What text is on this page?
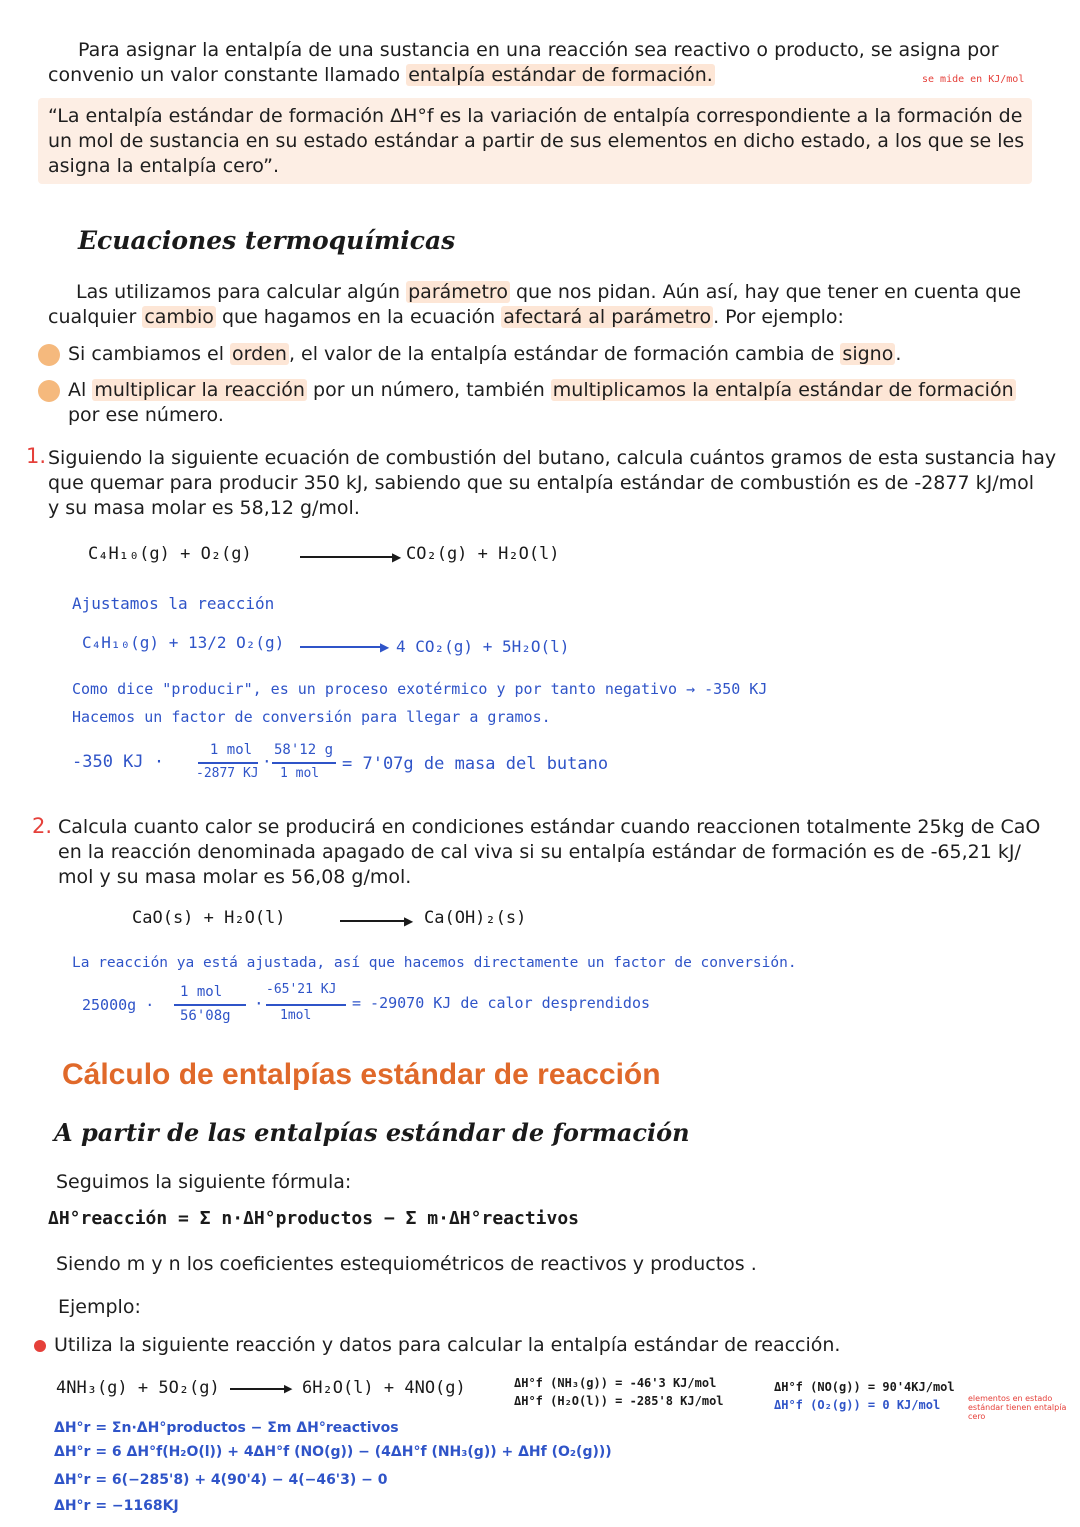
Para asignar la entalpía de una sustancia en una reacción sea reactivo o producto, se asigna por
convenio un valor constante llamado entalpía estándar de formación.	se mide en KJ/mol
“La entalpía estándar de formación ΔH°f es la variación de entalpía correspondiente a la formación de
un mol de sustancia en su estado estándar a partir de sus elementos en dicho estado, a los que se les
asigna la entalpía cero”.
Ecuaciones termoquímicas
Las utilizamos para calcular algún parámetro que nos pidan. Aún así, hay que tener en cuenta que
cualquier cambio que hagamos en la ecuación afectará al parámetro . Por ejemplo:
Si cambiamos el orden , el valor de la entalpía estándar de formación cambia de signo .
Al multiplicar la reacción por un número, también multiplicamos la entalpía estándar de formación
por ese número.
1. Siguiendo la siguiente ecuación de combustión del butano, calcula cuántos gramos de esta sustancia hay
que quemar para producir 350 kJ, sabiendo que su entalpía estándar de combustión es de -2877 kJ/mol
y su masa molar es 58,12 g/mol.
C₄H₁₀(g) + O₂(g)	▶ CO₂(g) + H₂O(l)
Ajustamos la reacción
C₄H₁₀(g) + 13/2 O₂(g)	▶ 4 CO₂(g) + 5H₂O(l)
Como dice "producir", es un proceso exotérmico y por tanto negativo → -350 KJ
Hacemos un factor de conversión para llegar a gramos.
-350 KJ ·
1 mol
-2877 KJ
·
58'12 g
1 mol = 7'07g de masa del butano
2. Calcula cuanto calor se producirá en condiciones estándar cuando reaccionen totalmente 25kg de CaO
en la reacción denominada apagado de cal viva si su entalpía estándar de formación es de -65,21 kJ/
mol y su masa molar es 56,08 g/mol.
CaO(s) + H₂O(l)	▶ Ca(OH)₂(s)
La reacción ya está ajustada, así que hacemos directamente un factor de conversión.
25000g ·
1 mol
56'08g
·
-65'21 KJ
1mol
= -29070 KJ de calor desprendidos
Cálculo de entalpías estándar de reacción
A partir de las entalpías estándar de formación
Seguimos la siguiente fórmula:
ΔH°reacción = Σ n·ΔH°productos − Σ m·ΔH°reactivos
Siendo m y n los coeficientes estequiométricos de reactivos y productos .
Ejemplo:
Utiliza la siguiente reacción y datos para calcular la entalpía estándar de reacción.
4NH₃(g) + 5O₂(g)	▶ 6H₂O(l) + 4NO(g)	ΔH°f (NH₃(g)) = -46'3 KJ/mol
ΔH°f (H₂O(l)) = -285'8 KJ/mol
ΔH°f (NO(g)) = 90'4KJ/mol
ΔH°f (O₂(g)) = 0 KJ/mol	elementos en estado estándar tienen entalpía cero
ΔH°r = Σn·ΔH°productos − Σm ΔH°reactivos
ΔH°r = 6 ΔH°f(H₂O(l)) + 4ΔH°f (NO(g)) − (4ΔH°f (NH₃(g)) + ΔHf (O₂(g)))
ΔH°r = 6(−285'8) + 4(90'4) − 4(−46'3) − 0
ΔH°r = −1168KJ
